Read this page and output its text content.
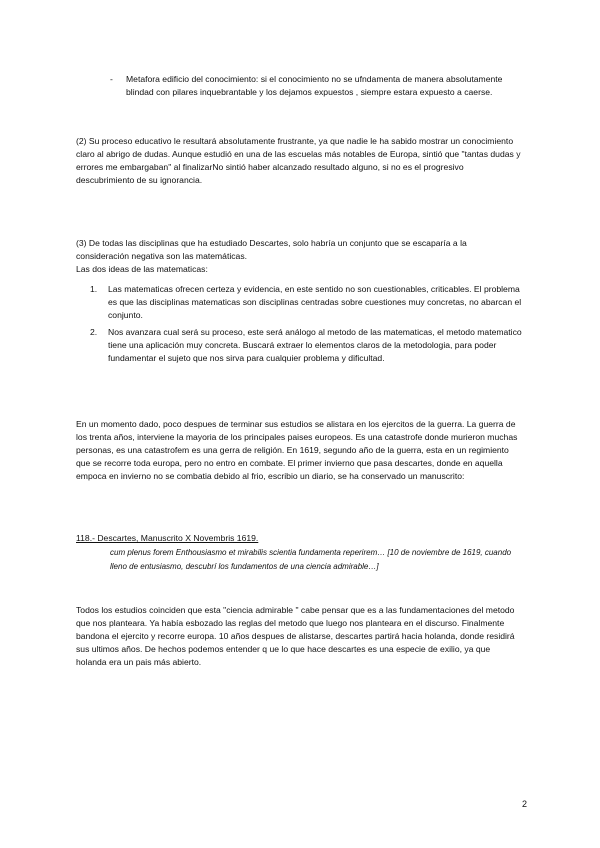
- Metafora edificio del conocimiento: si el conocimiento no se ufndamenta de manera absolutamente blindad con pilares inquebrantable y los dejamos expuestos , siempre estara expuesto a caerse.

(2) Su proceso educativo le resultará absolutamente frustrante, ya que nadie le ha sabido mostrar un conocimiento claro al abrigo de dudas. Aunque estudió en una de las escuelas más notables de Europa, sintió que "tantas dudas y errores me embargaban" al finalizarNo sintió haber alcanzado resultado alguno, si no es el progresivo descubrimiento de su ignorancia.

(3) De todas las disciplinas que ha estudiado Descartes, solo habría un conjunto que se escaparía a la consideración negativa son las matemáticas.

Las dos ideas de las matematicas:

1. Las matematicas ofrecen certeza y evidencia, en este sentido no son cuestionables, criticables. El problema es que las disciplinas matematicas son disciplinas centradas sobre cuestiones muy concretas, no abarcan el conjunto.
2. Nos avanzara cual será su proceso, este será análogo al metodo de las matematicas, el metodo matematico tiene una aplicación muy concreta. Buscará extraer lo elementos claros de la metodologia, para poder fundamentar el sujeto que nos sirva para cualquier problema y dificultad.

En un momento dado, poco despues de terminar sus estudios se alistara en los ejercitos de la guerra. La guerra de los trenta años, interviene la mayoria de los principales paises europeos. Es una catastrofe donde murieron muchas personas, es una catastrofem es una gerra de religión. En 1619, segundo año de la guerra, esta en un regimiento que se recorre toda europa, pero no entro en combate. El primer invierno que pasa descartes, donde en aquella empoca en invierno no se combatia debido al frio, escribio un diario, se ha conservado un manuscrito:

118.- Descartes, Manuscrito X Novembris 1619.

cum plenus forem Enthousiasmo et mirabilis scientia fundamenta reperirem… [10 de noviembre de 1619, cuando lleno de entusiasmo, descubrí los fundamentos de una ciencia admirable…]

Todos los estudios coinciden que esta "ciencia admirable " cabe pensar que es a las fundamentaciones del metodo que nos planteara. Ya había esbozado las reglas del metodo que luego nos planteara en el discurso. Finalmente bandona el ejercito y recorre europa. 10 años despues de alistarse, descartes partirá hacia holanda, donde residirá sus ultimos años. De hechos podemos entender q ue lo que hace descartes es una especie de exilio, ya que holanda era un pais más abierto.

2
